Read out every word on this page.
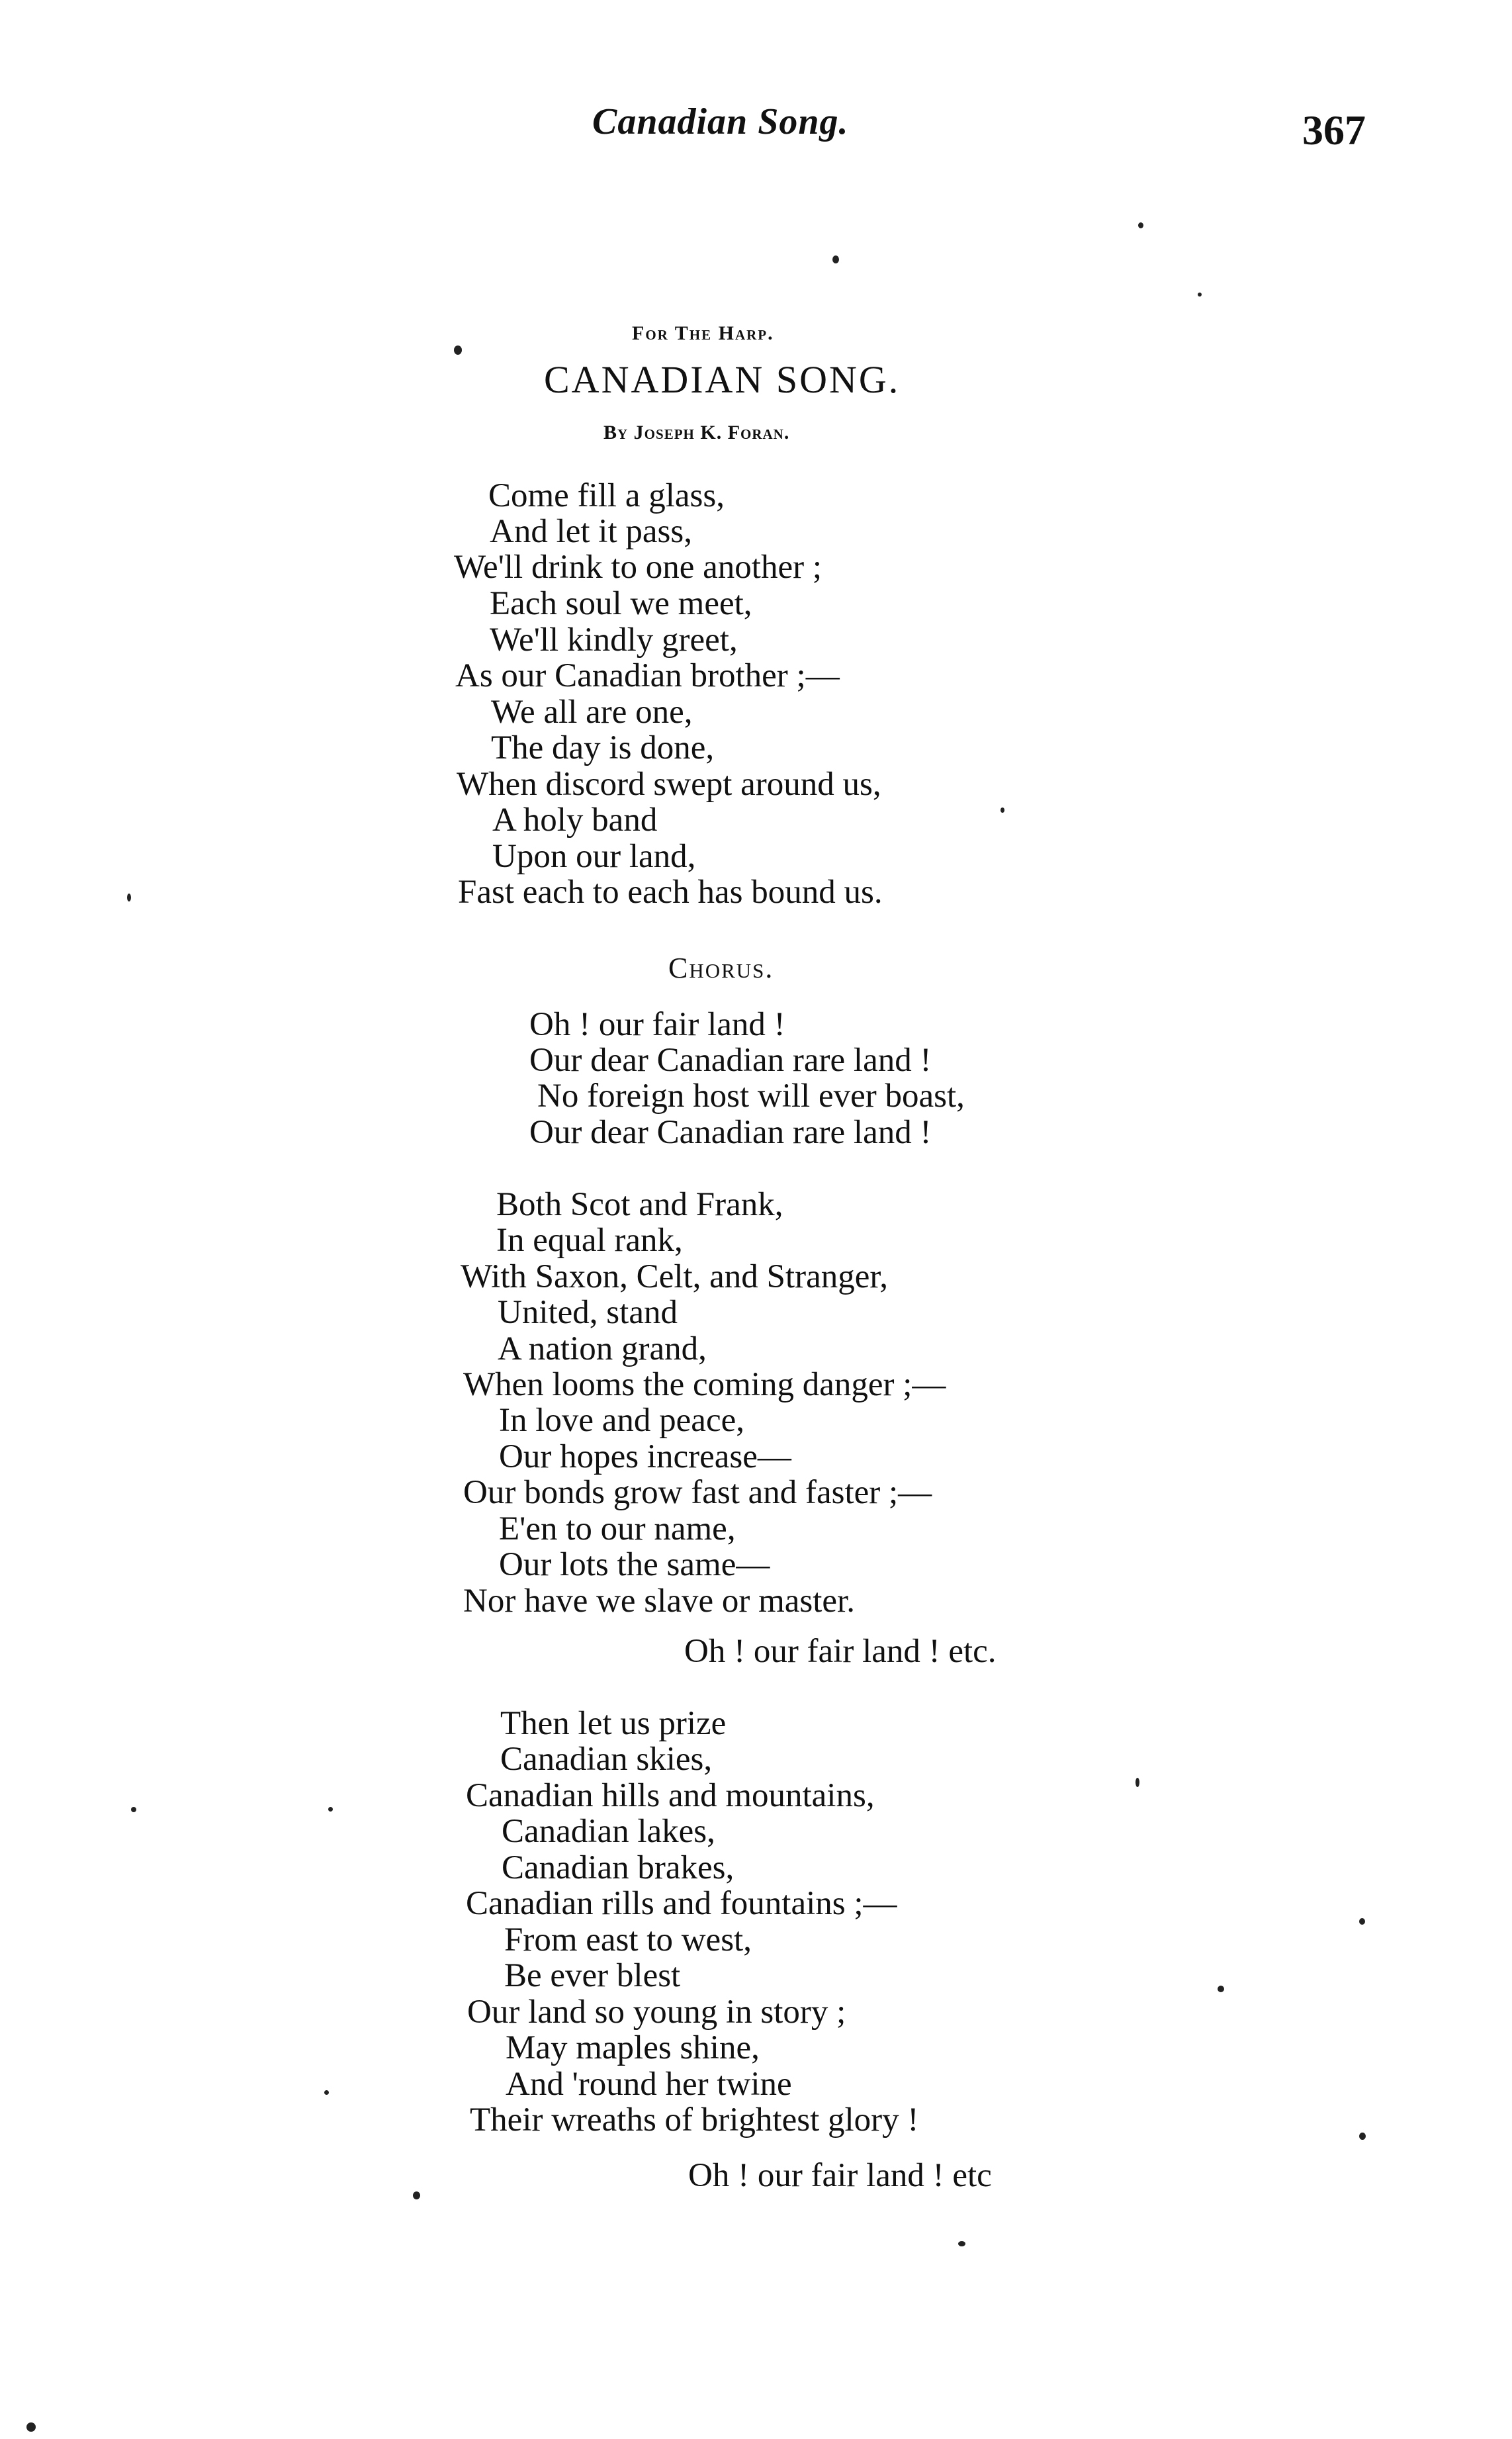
Canadian Song.	367
For The Harp.
CANADIAN SONG.
By Joseph K. Foran.
Come fill a glass,
And let it pass,
We'll drink to one another ;
Each soul we meet,
We'll kindly greet,
As our Canadian brother ;—
We all are one,
The day is done,
When discord swept around us,
A holy band
Upon our land,
Fast each to each has bound us.
Chorus.
Oh ! our fair land !
Our dear Canadian rare land !
No foreign host will ever boast,
Our dear Canadian rare land !
Both Scot and Frank,
In equal rank,
With Saxon, Celt, and Stranger,
United, stand
A nation grand,
When looms the coming danger ;—
In love and peace,
Our hopes increase—
Our bonds grow fast and faster ;—
E'en to our name,
Our lots the same—
Nor have we slave or master.
Oh ! our fair land ! etc.
Then let us prize
Canadian skies,
Canadian hills and mountains,
Canadian lakes,
Canadian brakes,
Canadian rills and fountains ;—
From east to west,
Be ever blest
Our land so young in story ;
May maples shine,
And 'round her twine
Their wreaths of brightest glory !
Oh ! our fair land ! etc
